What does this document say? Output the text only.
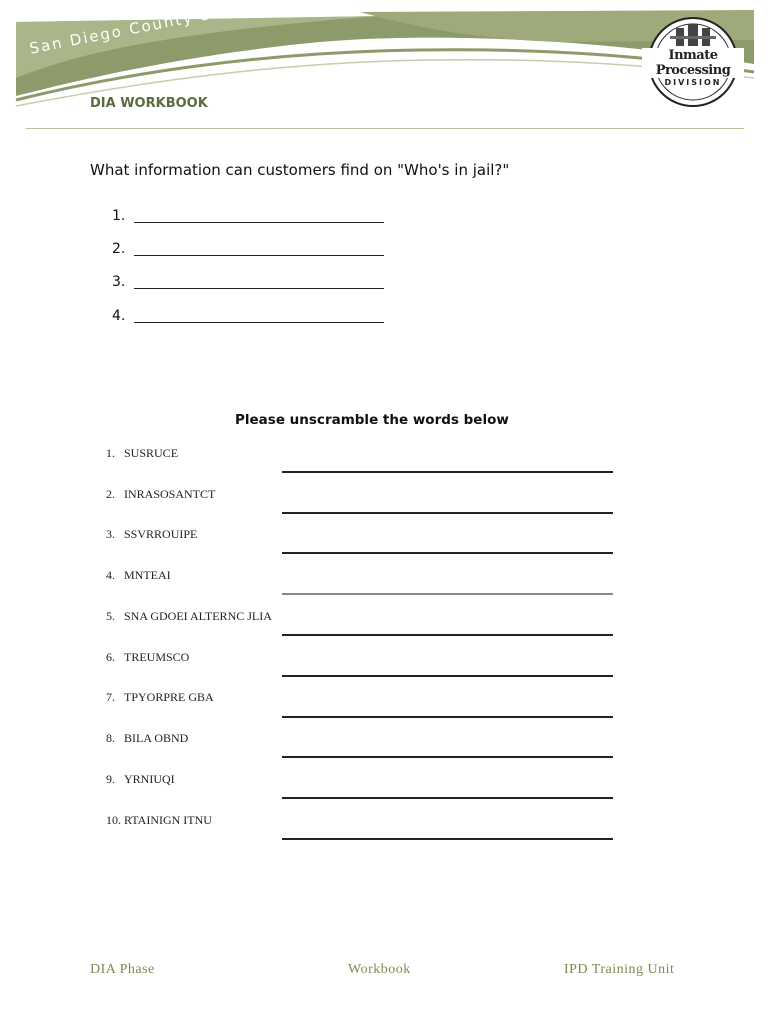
San Diego County Sheriff's
Inmate Processing
DIVISION
DIA WORKBOOK
What information can customers find on "Who's in jail?"
1.
2.
3.
4.
Please unscramble the words below
1. SUSRUCE
2. INRASOSANTCT
3. SSVRROUIPE
4. MNTEAI
5. SNA GDOEI ALTERNC JLIA
6. TREUMSCO
7. TPYORPRE GBA
8. BILA OBND
9. YRNIUQI
10. RTAINIGN ITNU
DIA Phase	Workbook	IPD Training Unit
